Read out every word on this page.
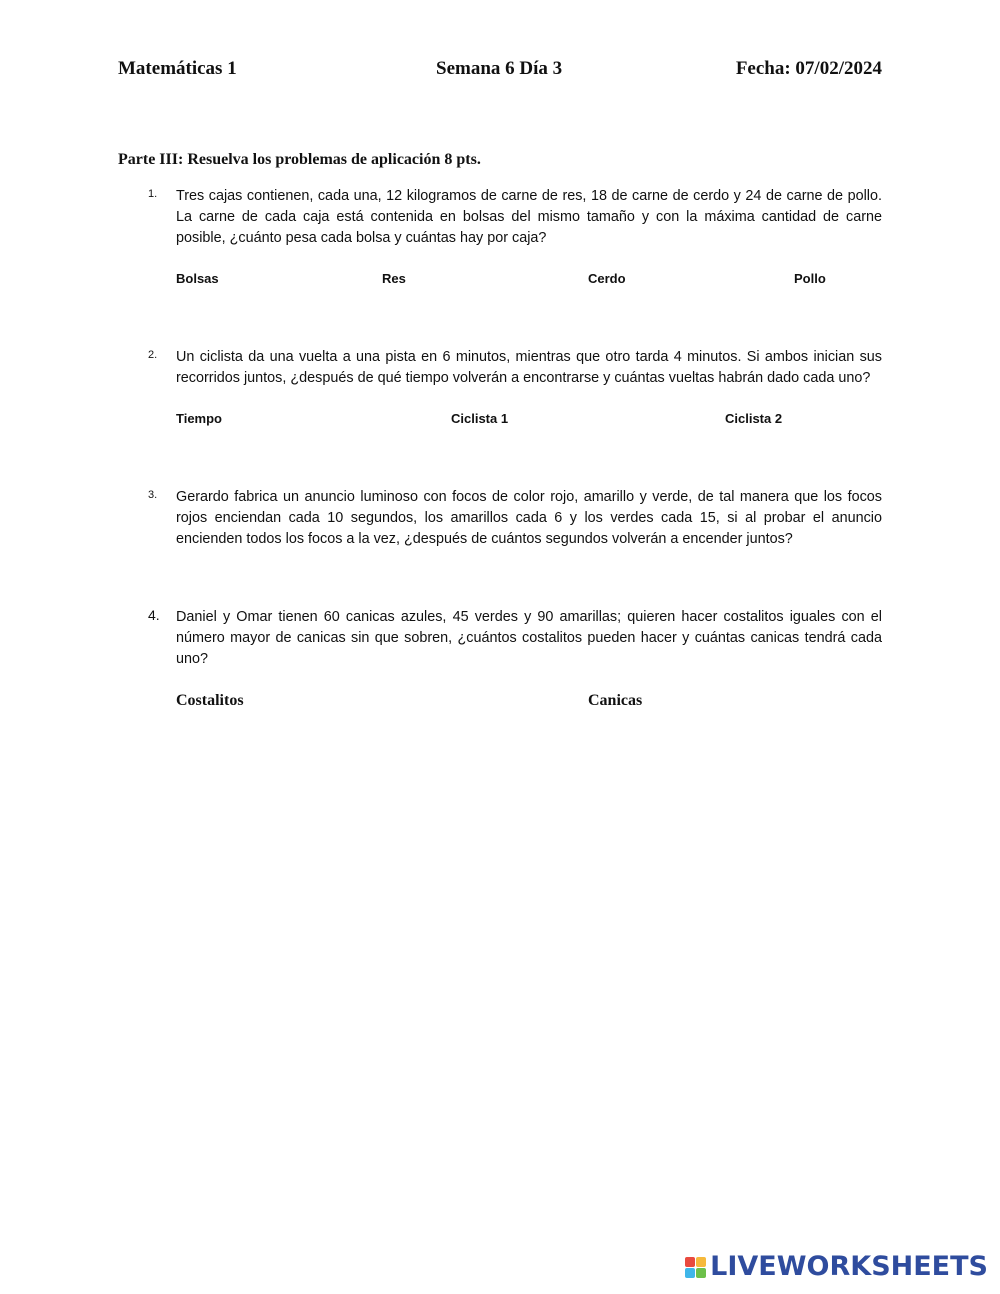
Matemáticas 1	Semana 6 Día 3	Fecha: 07/02/2024
Parte III: Resuelva los problemas de aplicación 8 pts.
1. Tres cajas contienen, cada una, 12 kilogramos de carne de res, 18 de carne de cerdo y 24 de carne de pollo. La carne de cada caja está contenida en bolsas del mismo tamaño y con la máxima cantidad de carne posible, ¿cuánto pesa cada bolsa y cuántas hay por caja?

Bolsas	Res	Cerdo	Pollo
2. Un ciclista da una vuelta a una pista en 6 minutos, mientras que otro tarda 4 minutos. Si ambos inician sus recorridos juntos, ¿después de qué tiempo volverán a encontrarse y cuántas vueltas habrán dado cada uno?

Tiempo	Ciclista 1	Ciclista 2
3. Gerardo fabrica un anuncio luminoso con focos de color rojo, amarillo y verde, de tal manera que los focos rojos enciendan cada 10 segundos, los amarillos cada 6 y los verdes cada 15, si al probar el anuncio encienden todos los focos a la vez, ¿después de cuántos segundos volverán a encender juntos?

4. Daniel y Omar tienen 60 canicas azules, 45 verdes y 90 amarillas; quieren hacer costalitos iguales con el número mayor de canicas sin que sobren, ¿cuántos costalitos pueden hacer y cuántas canicas tendrá cada uno?

Costalitos	Canicas
LIVEWORKSHEETS
